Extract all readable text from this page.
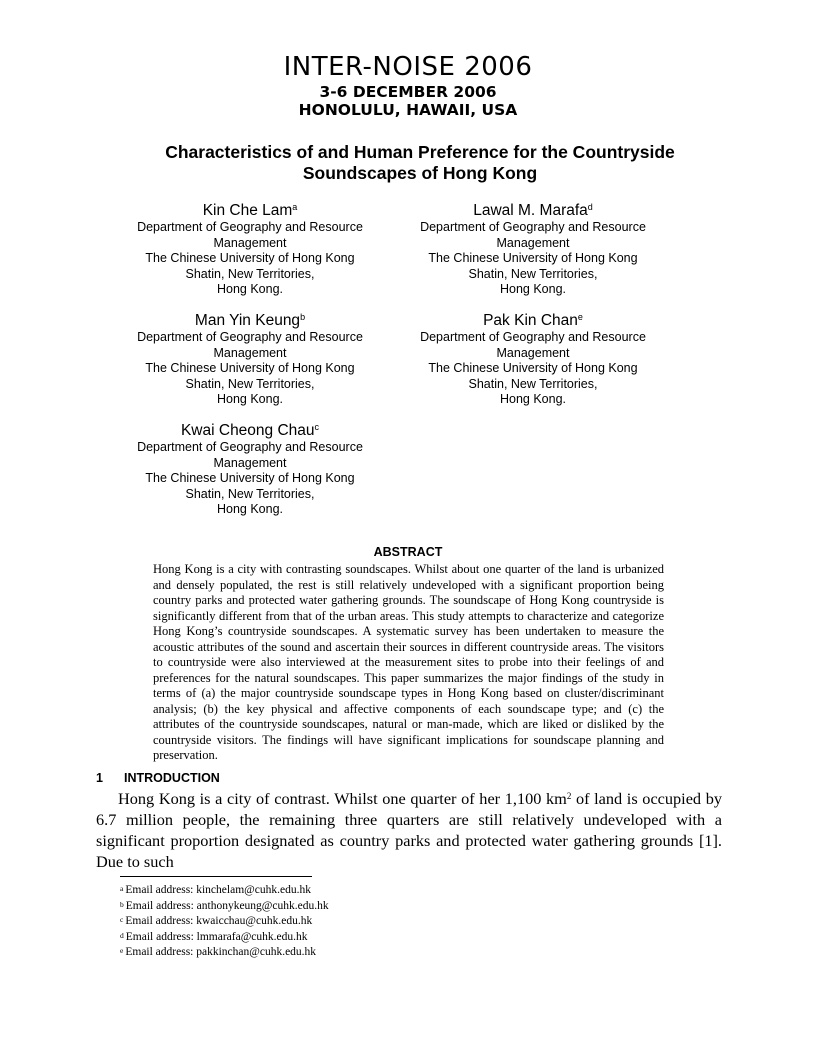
INTER-NOISE 2006
3-6 DECEMBER 2006
HONOLULU, HAWAII, USA
Characteristics of and Human Preference for the Countryside
Soundscapes of Hong Kong
Kin Che Lam$^a$
Department of Geography and Resource
Management
The Chinese University of Hong Kong
Shatin, New Territories,
Hong Kong.
Lawal M. Marafa$^d$
Department of Geography and Resource
Management
The Chinese University of Hong Kong
Shatin, New Territories,
Hong Kong.
Man Yin Keung$^b$
Department of Geography and Resource
Management
The Chinese University of Hong Kong
Shatin, New Territories,
Hong Kong.
Pak Kin Chan$^e$
Department of Geography and Resource
Management
The Chinese University of Hong Kong
Shatin, New Territories,
Hong Kong.
Kwai Cheong Chau$^c$
Department of Geography and Resource
Management
The Chinese University of Hong Kong
Shatin, New Territories,
Hong Kong.
ABSTRACT
Hong Kong is a city with contrasting soundscapes. Whilst about one quarter of the land is urbanized and densely populated, the rest is still relatively undeveloped with a significant proportion being country parks and protected water gathering grounds. The soundscape of Hong Kong countryside is significantly different from that of the urban areas. This study attempts to characterize and categorize Hong Kong’s countryside soundscapes. A systematic survey has been undertaken to measure the acoustic attributes of the sound and ascertain their sources in different countryside areas. The visitors to countryside were also interviewed at the measurement sites to probe into their feelings of and preferences for the natural soundscapes. This paper summarizes the major findings of the study in terms of (a) the major countryside soundscape types in Hong Kong based on cluster/discriminant analysis; (b) the key physical and affective components of each soundscape type; and (c) the attributes of the countryside soundscapes, natural or man-made, which are liked or disliked by the countryside visitors. The findings will have significant implications for soundscape planning and preservation.
1 INTRODUCTION
Hong Kong is a city of contrast. Whilst one quarter of her 1,100 $km^2$ of land is occupied by 6.7 million people, the remaining three quarters are still relatively undeveloped with a significant proportion designated as country parks and protected water gathering grounds [1]. Due to such
$^a$ Email address: kinchelam@cuhk.edu.hk
$^b$ Email address: anthonykeung@cuhk.edu.hk
$^c$ Email address: kwaicchau@cuhk.edu.hk
$^d$ Email address: lmmarafa@cuhk.edu.hk
$^e$ Email address: pakkinchan@cuhk.edu.hk
